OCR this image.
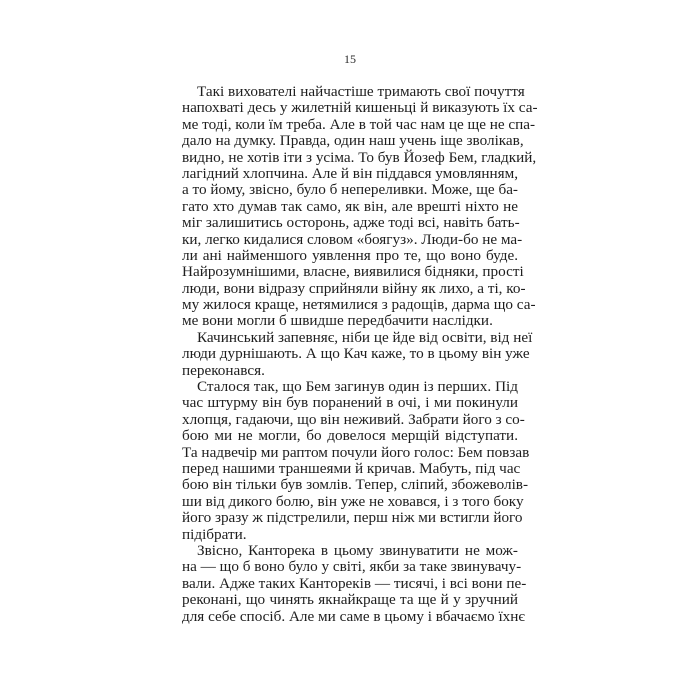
15
Такі вихователі найчастіше тримають свої почуття
напохваті десь у жилетній кишеньці й виказують їх са-
ме тоді, коли їм треба. Але в той час нам це ще не спа-
дало на думку. Правда, один наш учень іще зволікав,
видно, не хотів іти з усіма. То був Йозеф Бем, гладкий,
лагідний хлопчина. Але й він піддався умовлянням,
а то йому, звісно, було б непереливки. Може, ще ба-
гато хто думав так само, як він, але врешті ніхто не
міг залишитись осторонь, адже тоді всі, навіть бать-
ки, легко кидалися словом «боягуз». Люди-бо не ма-
ли ані найменшого уявлення про те, що воно буде.
Найрозумнішими, власне, виявилися бідняки, прості
люди, вони відразу сприйняли війну як лихо, а ті, ко-
му жилося краще, нетямилися з радощів, дарма що са-
ме вони могли б швидше передбачити наслідки.
Качинський запевняє, ніби це йде від освіти, від неї
люди дурнішають. А що Кач каже, то в цьому він уже
переконався.
Сталося так, що Бем загинув один із перших. Під
час штурму він був поранений в очі, і ми покинули
хлопця, гадаючи, що він неживий. Забрати його з со-
бою ми не могли, бо довелося мерщій відступати.
Та надвечір ми раптом почули його голос: Бем повзав
перед нашими траншеями й кричав. Мабуть, під час
бою він тільки був зомлів. Тепер, сліпий, збожеволів-
ши від дикого болю, він уже не ховався, і з того боку
його зразу ж підстрелили, перш ніж ми встигли його
підібрати.
Звісно, Канторека в цьому звинуватити не мож-
на — що б воно було у світі, якби за таке звинувачу-
вали. Адже таких Кантореків — тисячі, і всі вони пе-
реконані, що чинять якнайкраще та ще й у зручний
для себе спосіб. Але ми саме в цьому і вбачаємо їхнє
